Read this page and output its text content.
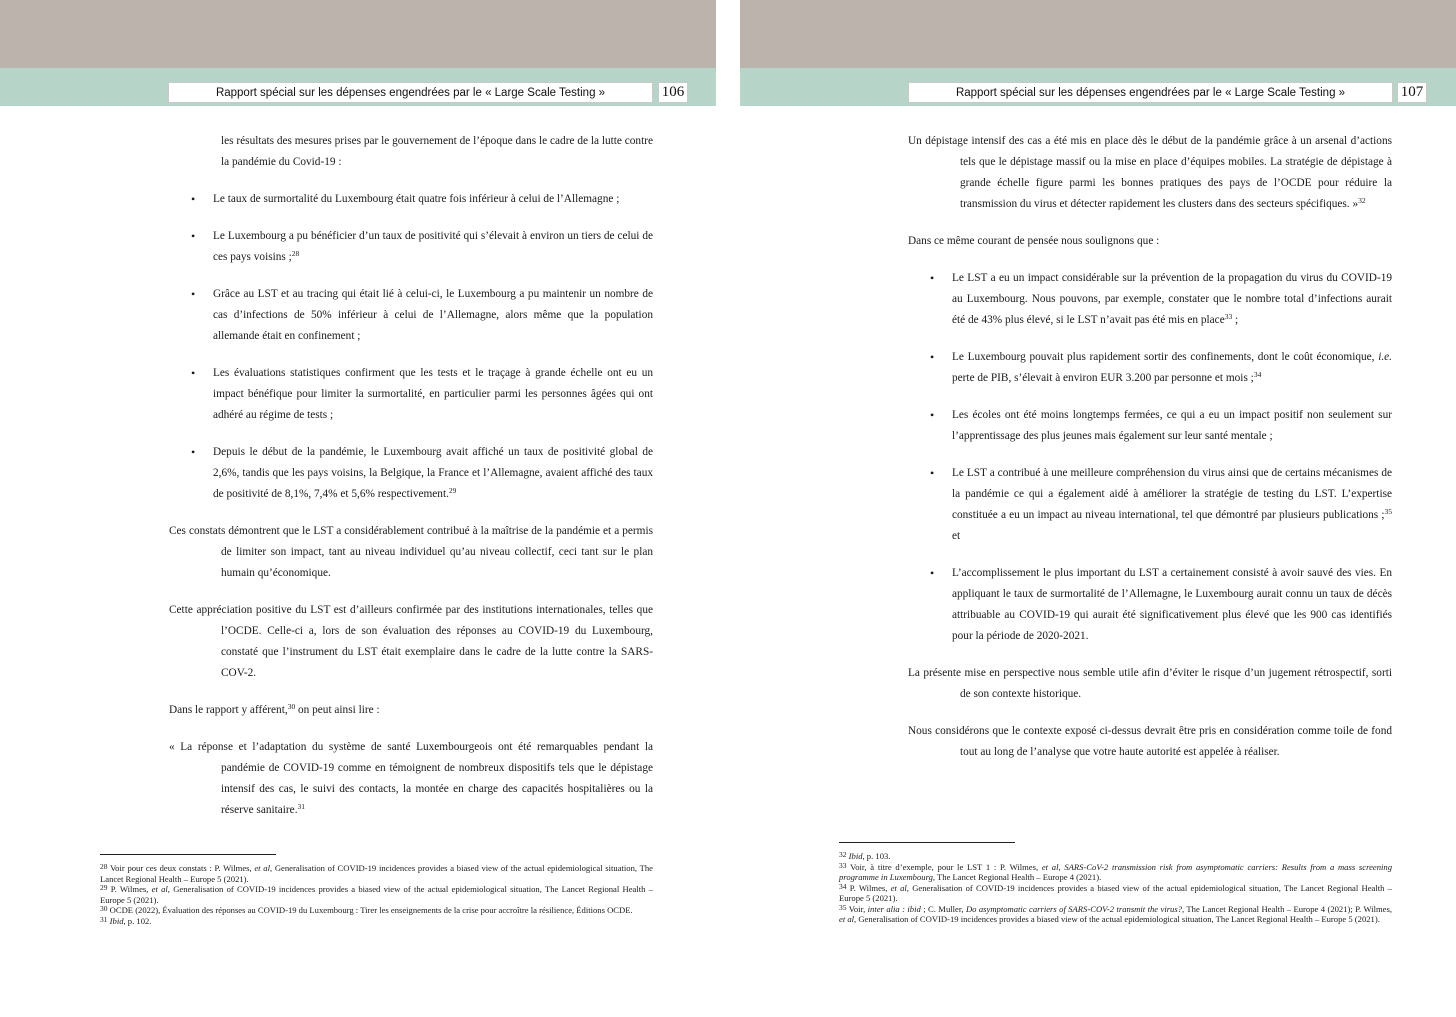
Rapport spécial sur les dépenses engendrées par le « Large Scale Testing »	106

les résultats des mesures prises par le gouvernement de l’époque dans le cadre de la lutte contre la pandémie du Covid-19 :

• Le taux de surmortalité du Luxembourg était quatre fois inférieur à celui de l’Allemagne ;
• Le Luxembourg a pu bénéficier d’un taux de positivité qui s’élevait à environ un tiers de celui de ces pays voisins ;$^{28}$
• Grâce au LST et au tracing qui était lié à celui-ci, le Luxembourg a pu maintenir un nombre de cas d’infections de 50% inférieur à celui de l’Allemagne, alors même que la population allemande était en confinement ;
• Les évaluations statistiques confirment que les tests et le traçage à grande échelle ont eu un impact bénéfique pour limiter la surmortalité, en particulier parmi les personnes âgées qui ont adhéré au régime de tests ;
• Depuis le début de la pandémie, le Luxembourg avait affiché un taux de positivité global de 2,6%, tandis que les pays voisins, la Belgique, la France et l’Allemagne, avaient affiché des taux de positivité de 8,1%, 7,4% et 5,6% respectivement.$^{29}$

Ces constats démontrent que le LST a considérablement contribué à la maîtrise de la pandémie et a permis de limiter son impact, tant au niveau individuel qu’au niveau collectif, ceci tant sur le plan humain qu’économique.

Cette appréciation positive du LST est d’ailleurs confirmée par des institutions internationales, telles que l’OCDE. Celle-ci a, lors de son évaluation des réponses au COVID-19 du Luxembourg, constaté que l’instrument du LST était exemplaire dans le cadre de la lutte contre la SARS-COV-2.

Dans le rapport y afférent,$^{30}$ on peut ainsi lire :

« La réponse et l’adaptation du système de santé Luxembourgeois ont été remarquables pendant la pandémie de COVID-19 comme en témoignent de nombreux dispositifs tels que le dépistage intensif des cas, le suivi des contacts, la montée en charge des capacités hospitalières ou la réserve sanitaire.$^{31}$

$^{28}$ Voir pour ces deux constats : P. Wilmes, et al, Generalisation of COVID-19 incidences provides a biased view of the actual epidemiological situation, The Lancet Regional Health – Europe 5 (2021).

$^{29}$ P. Wilmes, et al, Generalisation of COVID-19 incidences provides a biased view of the actual epidemiological situation, The Lancet Regional Health – Europe 5 (2021).

$^{30}$ OCDE (2022), Évaluation des réponses au COVID-19 du Luxembourg : Tirer les enseignements de la crise pour accroître la résilience, Éditions OCDE.

$^{31}$ Ibid, p. 102.

Rapport spécial sur les dépenses engendrées par le « Large Scale Testing »	107

Un dépistage intensif des cas a été mis en place dès le début de la pandémie grâce à un arsenal d’actions tels que le dépistage massif ou la mise en place d’équipes mobiles. La stratégie de dépistage à grande échelle figure parmi les bonnes pratiques des pays de l’OCDE pour réduire la transmission du virus et détecter rapidement les clusters dans des secteurs spécifiques. »$^{32}$

Dans ce même courant de pensée nous soulignons que :

• Le LST a eu un impact considérable sur la prévention de la propagation du virus du COVID-19 au Luxembourg. Nous pouvons, par exemple, constater que le nombre total d’infections aurait été de 43% plus élevé, si le LST n’avait pas été mis en place$^{33}$ ;
• Le Luxembourg pouvait plus rapidement sortir des confinements, dont le coût économique, i.e. perte de PIB, s’élevait à environ EUR 3.200 par personne et mois ;$^{34}$
• Les écoles ont été moins longtemps fermées, ce qui a eu un impact positif non seulement sur l’apprentissage des plus jeunes mais également sur leur santé mentale ;
• Le LST a contribué à une meilleure compréhension du virus ainsi que de certains mécanismes de la pandémie ce qui a également aidé à améliorer la stratégie de testing du LST. L’expertise constituée a eu un impact au niveau international, tel que démontré par plusieurs publications ;$^{35}$ et
• L’accomplissement le plus important du LST a certainement consisté à avoir sauvé des vies. En appliquant le taux de surmortalité de l’Allemagne, le Luxembourg aurait connu un taux de décès attribuable au COVID-19 qui aurait été significativement plus élevé que les 900 cas identifiés pour la période de 2020-2021.

La présente mise en perspective nous semble utile afin d’éviter le risque d’un jugement rétrospectif, sorti de son contexte historique.

Nous considérons que le contexte exposé ci-dessus devrait être pris en considération comme toile de fond tout au long de l’analyse que votre haute autorité est appelée à réaliser.

$^{32}$ Ibid, p. 103.

$^{33}$ Voir, à titre d’exemple, pour le LST 1 : P. Wilmes, et al, SARS-CoV-2 transmission risk from asymptomatic carriers: Results from a mass screening programme in Luxembourg, The Lancet Regional Health – Europe 4 (2021).

$^{34}$ P. Wilmes, et al, Generalisation of COVID-19 incidences provides a biased view of the actual epidemiological situation, The Lancet Regional Health – Europe 5 (2021).

$^{35}$ Voir, inter alia : ibid ; C. Muller, Do asymptomatic carriers of SARS-COV-2 transmit the virus?, The Lancet Regional Health – Europe 4 (2021); P. Wilmes, et al, Generalisation of COVID-19 incidences provides a biased view of the actual epidemiological situation, The Lancet Regional Health – Europe 5 (2021).
